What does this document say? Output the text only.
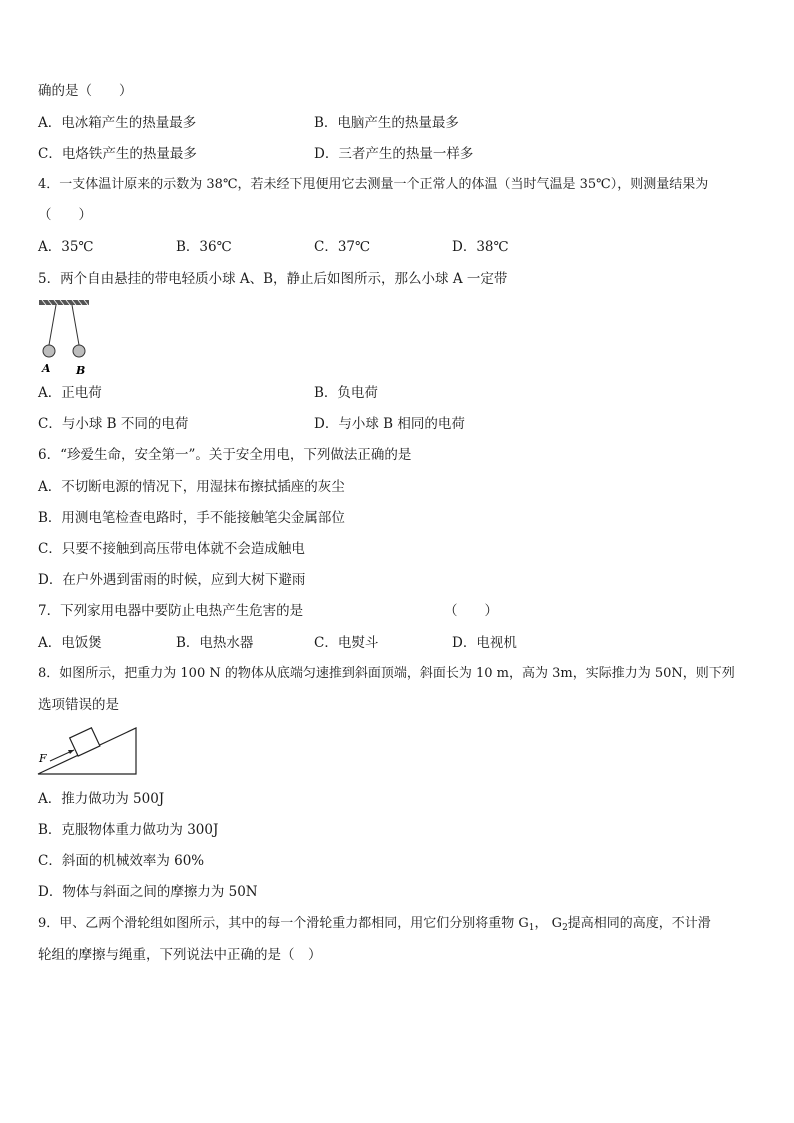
确的是（　　）
A．电冰箱产生的热量最多	B．电脑产生的热量最多
C．电烙铁产生的热量最多	D．三者产生的热量一样多
4．一支体温计原来的示数为 38℃，若未经下甩便用它去测量一个正常人的体温（当时气温是 35℃），则测量结果为
（　　）
A．35℃	B．36℃	C．37℃	D．38℃
5．两个自由悬挂的带电轻质小球 A、B，静止后如图所示，那么小球 A 一定带
A B
A．正电荷	B．负电荷
C．与小球 B 不同的电荷	D．与小球 B 相同的电荷
6．“珍爱生命，安全第一”。关于安全用电，下列做法正确的是
A．不切断电源的情况下，用湿抹布擦拭插座的灰尘
B．用测电笔检查电路时，手不能接触笔尖金属部位
C．只要不接触到高压带电体就不会造成触电
D．在户外遇到雷雨的时候，应到大树下避雨
7．下列家用电器中要防止电热产生危害的是	（　　）
A．电饭煲	B．电热水器	C．电熨斗	D．电视机
8．如图所示，把重力为 100 N 的物体从底端匀速推到斜面顶端，斜面长为 10 m，高为 3m，实际推力为 50N，则下列
选项错误的是
F
A．推力做功为 500J
B．克服物体重力做功为 300J
C．斜面的机械效率为 60%
D．物体与斜面之间的摩擦力为 50N
9．甲、乙两个滑轮组如图所示，其中的每一个滑轮重力都相同，用它们分别将重物 $G_1$， $G_2$提高相同的高度，不计滑
轮组的摩擦与绳重，下列说法中正确的是（　）
